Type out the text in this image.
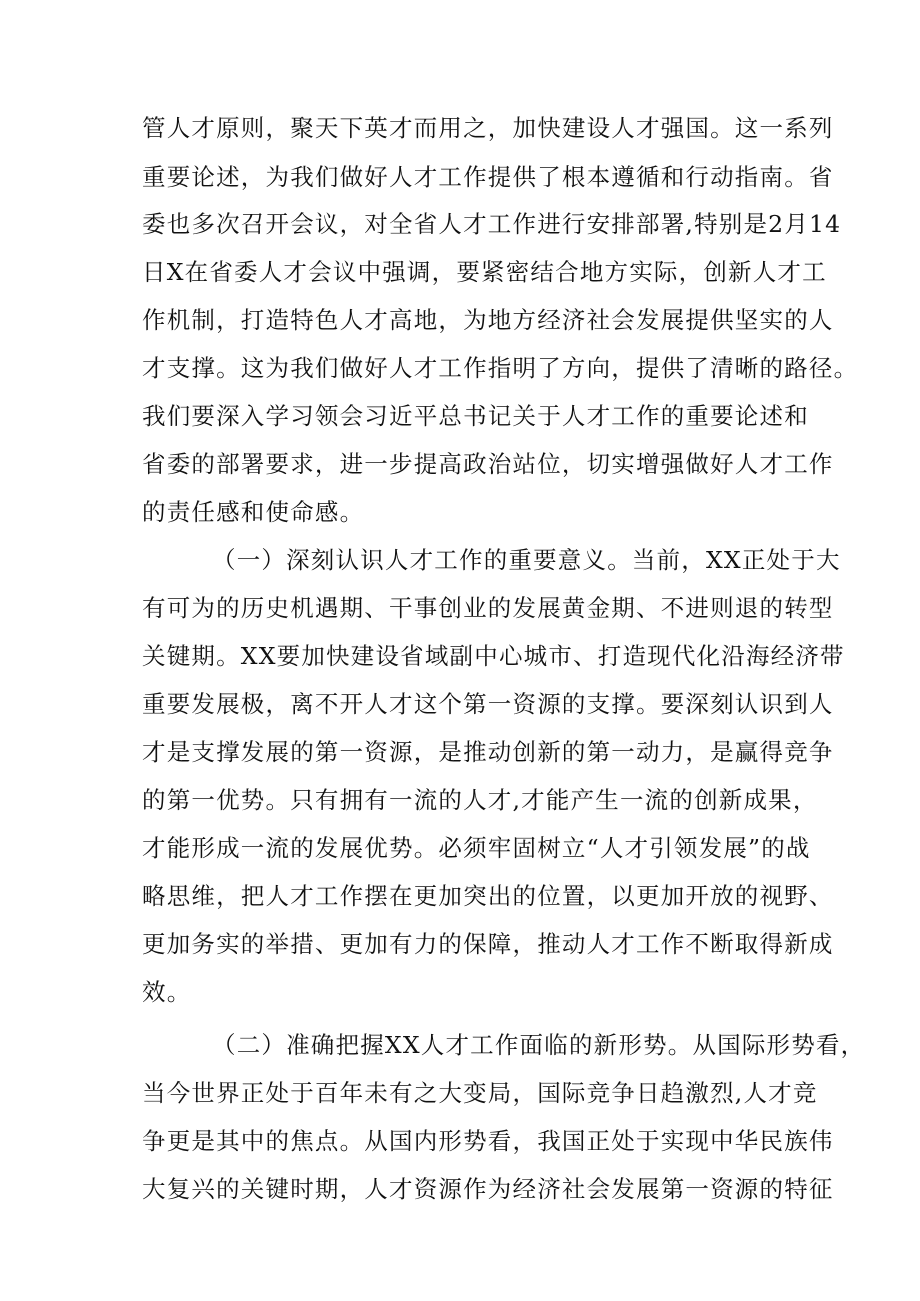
管人才原则，聚天下英才而用之，加快建设人才强国。这一系列
重要论述，为我们做好人才工作提供了根本遵循和行动指南。省
委也多次召开会议，对全省人才工作进行安排部署,特别是2月14
日X在省委人才会议中强调，要紧密结合地方实际，创新人才工
作机制，打造特色人才高地，为地方经济社会发展提供坚实的人
才支撑。这为我们做好人才工作指明了方向，提供了清晰的路径。
我们要深入学习领会习近平总书记关于人才工作的重要论述和
省委的部署要求，进一步提高政治站位，切实增强做好人才工作
的责任感和使命感。
（一）深刻认识人才工作的重要意义。当前，XX正处于大
有可为的历史机遇期、干事创业的发展黄金期、不进则退的转型
关键期。XX要加快建设省域副中心城市、打造现代化沿海经济带
重要发展极，离不开人才这个第一资源的支撑。要深刻认识到人
才是支撑发展的第一资源，是推动创新的第一动力，是赢得竞争
的第一优势。只有拥有一流的人才,才能产生一流的创新成果，
才能形成一流的发展优势。必须牢固树立“人才引领发展”的战
略思维，把人才工作摆在更加突出的位置，以更加开放的视野、
更加务实的举措、更加有力的保障，推动人才工作不断取得新成
效。
（二）准确把握XX人才工作面临的新形势。从国际形势看，
当今世界正处于百年未有之大变局，国际竞争日趋激烈,人才竞
争更是其中的焦点。从国内形势看，我国正处于实现中华民族伟
大复兴的关键时期，人才资源作为经济社会发展第一资源的特征
